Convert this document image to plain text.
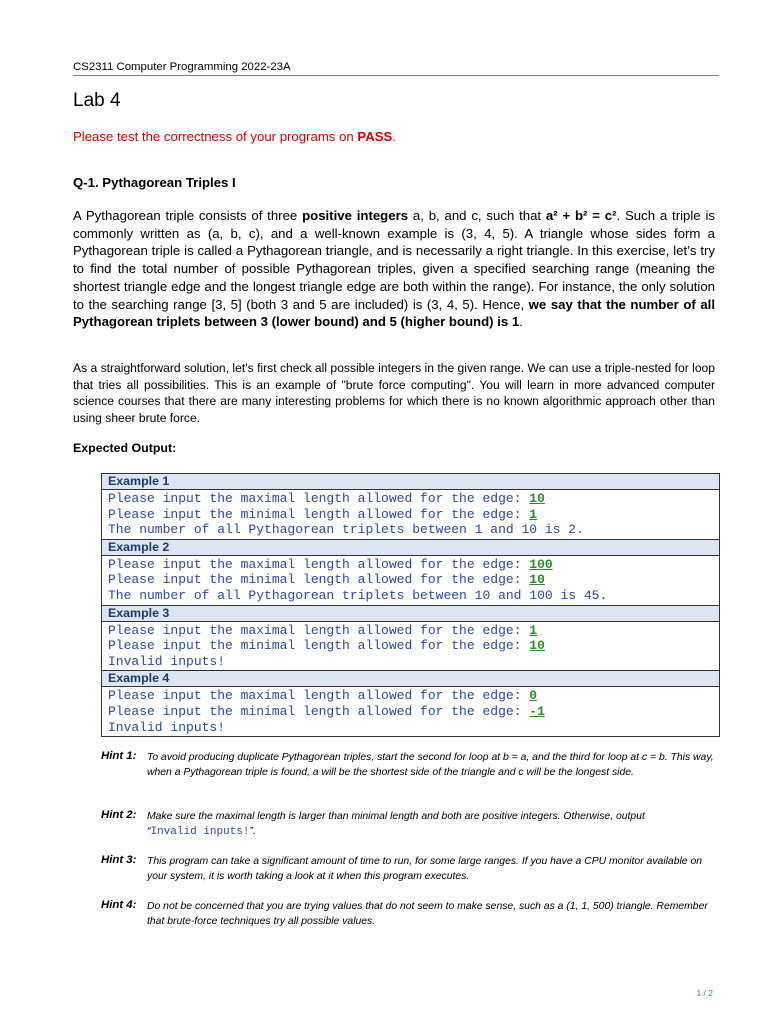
CS2311 Computer Programming 2022-23A
Lab 4
Please test the correctness of your programs on PASS.
Q-1. Pythagorean Triples I
A Pythagorean triple consists of three positive integers a, b, and c, such that a² + b² = c². Such a triple is commonly written as (a, b, c), and a well-known example is (3, 4, 5). A triangle whose sides form a Pythagorean triple is called a Pythagorean triangle, and is necessarily a right triangle. In this exercise, let’s try to find the total number of possible Pythagorean triples, given a specified searching range (meaning the shortest triangle edge and the longest triangle edge are both within the range). For instance, the only solution to the searching range [3, 5] (both 3 and 5 are included) is (3, 4, 5). Hence, we say that the number of all Pythagorean triplets between 3 (lower bound) and 5 (higher bound) is 1.
As a straightforward solution, let’s first check all possible integers in the given range. We can use a triple-nested for loop that tries all possibilities. This is an example of "brute force computing". You will learn in more advanced computer science courses that there are many interesting problems for which there is no known algorithmic approach other than using sheer brute force.
Expected Output:
Example 1

Please input the maximal length allowed for the edge: 10
Please input the minimal length allowed for the edge: 1
The number of all Pythagorean triplets between 1 and 10 is 2.

Example 2

Please input the maximal length allowed for the edge: 100
Please input the minimal length allowed for the edge: 10
The number of all Pythagorean triplets between 10 and 100 is 45.

Example 3

Please input the maximal length allowed for the edge: 1
Please input the minimal length allowed for the edge: 10
Invalid inputs!

Example 4

Please input the maximal length allowed for the edge: 0
Please input the minimal length allowed for the edge: -1
Invalid inputs!
Hint 1: To avoid producing duplicate Pythagorean triples, start the second for loop at b = a, and the third for loop at c = b. This way, when a Pythagorean triple is found, a will be the shortest side of the triangle and c will be the longest side.
Hint 2: Make sure the maximal length is larger than minimal length and both are positive integers. Otherwise, output
“Invalid inputs!”.
Hint 3: This program can take a significant amount of time to run, for some large ranges. If you have a CPU monitor available on your system, it is worth taking a look at it when this program executes.
Hint 4: Do not be concerned that you are trying values that do not seem to make sense, such as a (1, 1, 500) triangle. Remember that brute-force techniques try all possible values.
1 / 2
